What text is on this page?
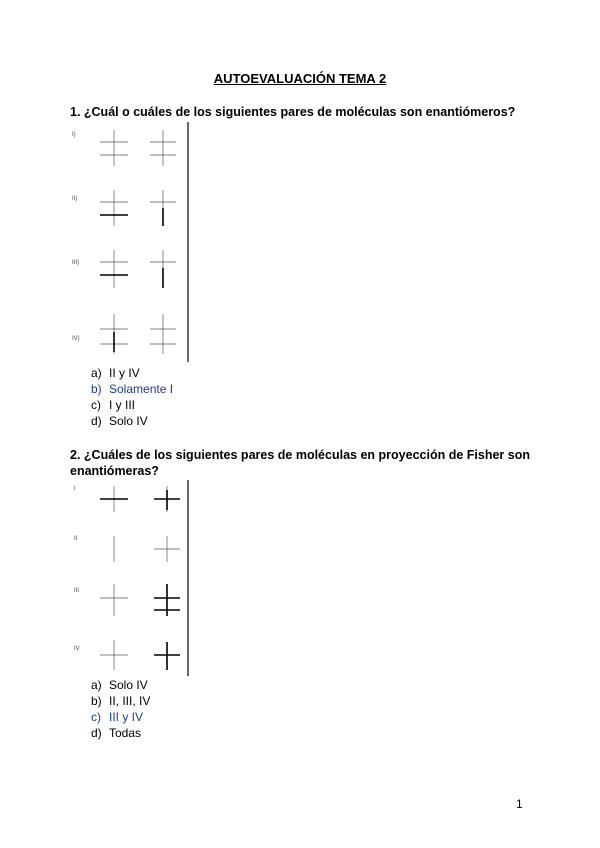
AUTOEVALUACIÓN TEMA 2
1. ¿Cuál o cuáles de los siguientes pares de moléculas son enantiómeros?
I)
II)
III)
IV)
a) II y IV
b) Solamente I
c) I y III
d) Solo IV
2. ¿Cuáles de los siguientes pares de moléculas en proyección de Fisher son enantiómeras?
I
II
III
IV
a) Solo IV
b) II, III, IV
c) III y IV
d) Todas
1
